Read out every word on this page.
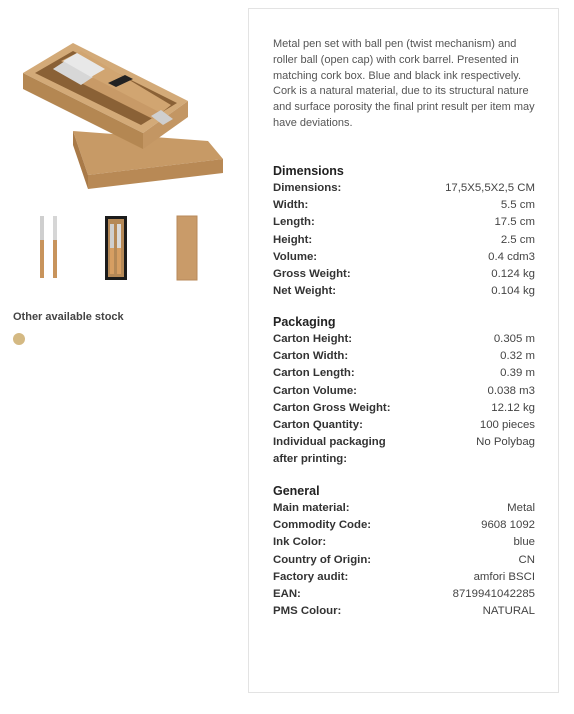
Other available stock
Metal pen set with ball pen (twist mechanism) and roller ball (open cap) with cork barrel. Presented in matching cork box. Blue and black ink respectively. Cork is a natural material, due to its structural nature and surface porosity the final print result per item may have deviations.
Dimensions
Dimensions:	17,5X5,5X2,5 CM
Width:	5.5 cm
Length:	17.5 cm
Height:	2.5 cm
Volume:	0.4 cdm3
Gross Weight:	0.124 kg
Net Weight:	0.104 kg
Packaging
Carton Height:	0.305 m
Carton Width:	0.32 m
Carton Length:	0.39 m
Carton Volume:	0.038 m3
Carton Gross Weight:	12.12 kg
Carton Quantity:	100 pieces
Individual packaging after printing:
No Polybag
General
Main material:	Metal
Commodity Code:	9608 1092
Ink Color:	blue
Country of Origin:	CN
Factory audit:	amfori BSCI
EAN:	8719941042285
PMS Colour:	NATURAL
